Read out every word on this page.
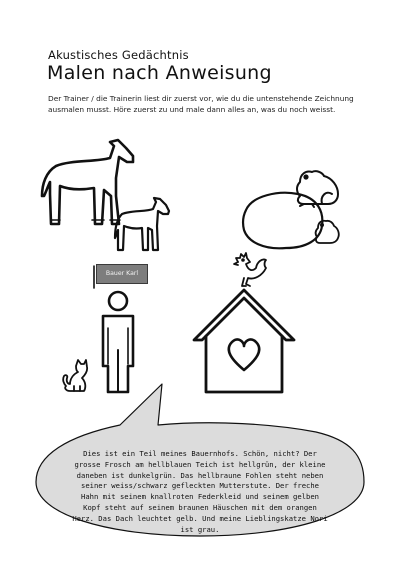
Akustisches Gedächtnis
Malen nach Anweisung
Der Trainer / die Trainerin liest dir zuerst vor, wie du die untenstehende Zeichnung ausmalen musst. Höre zuerst zu und male dann alles an, was du noch weisst.
Bauer Karl
Dies ist ein Teil meines Bauernhofs. Schön, nicht? Der grosse Frosch am hellblauen Teich ist hellgrün, der kleine daneben ist dunkelgrün. Das hellbraune Fohlen steht neben seiner weiss/schwarz gefleckten Mutterstute. Der freche Hahn mit seinem knallroten Federkleid und seinem gelben Kopf steht auf seinem braunen Häuschen mit dem orangen Herz. Das Dach leuchtet gelb. Und meine Lieblingskatze Nori ist grau.
